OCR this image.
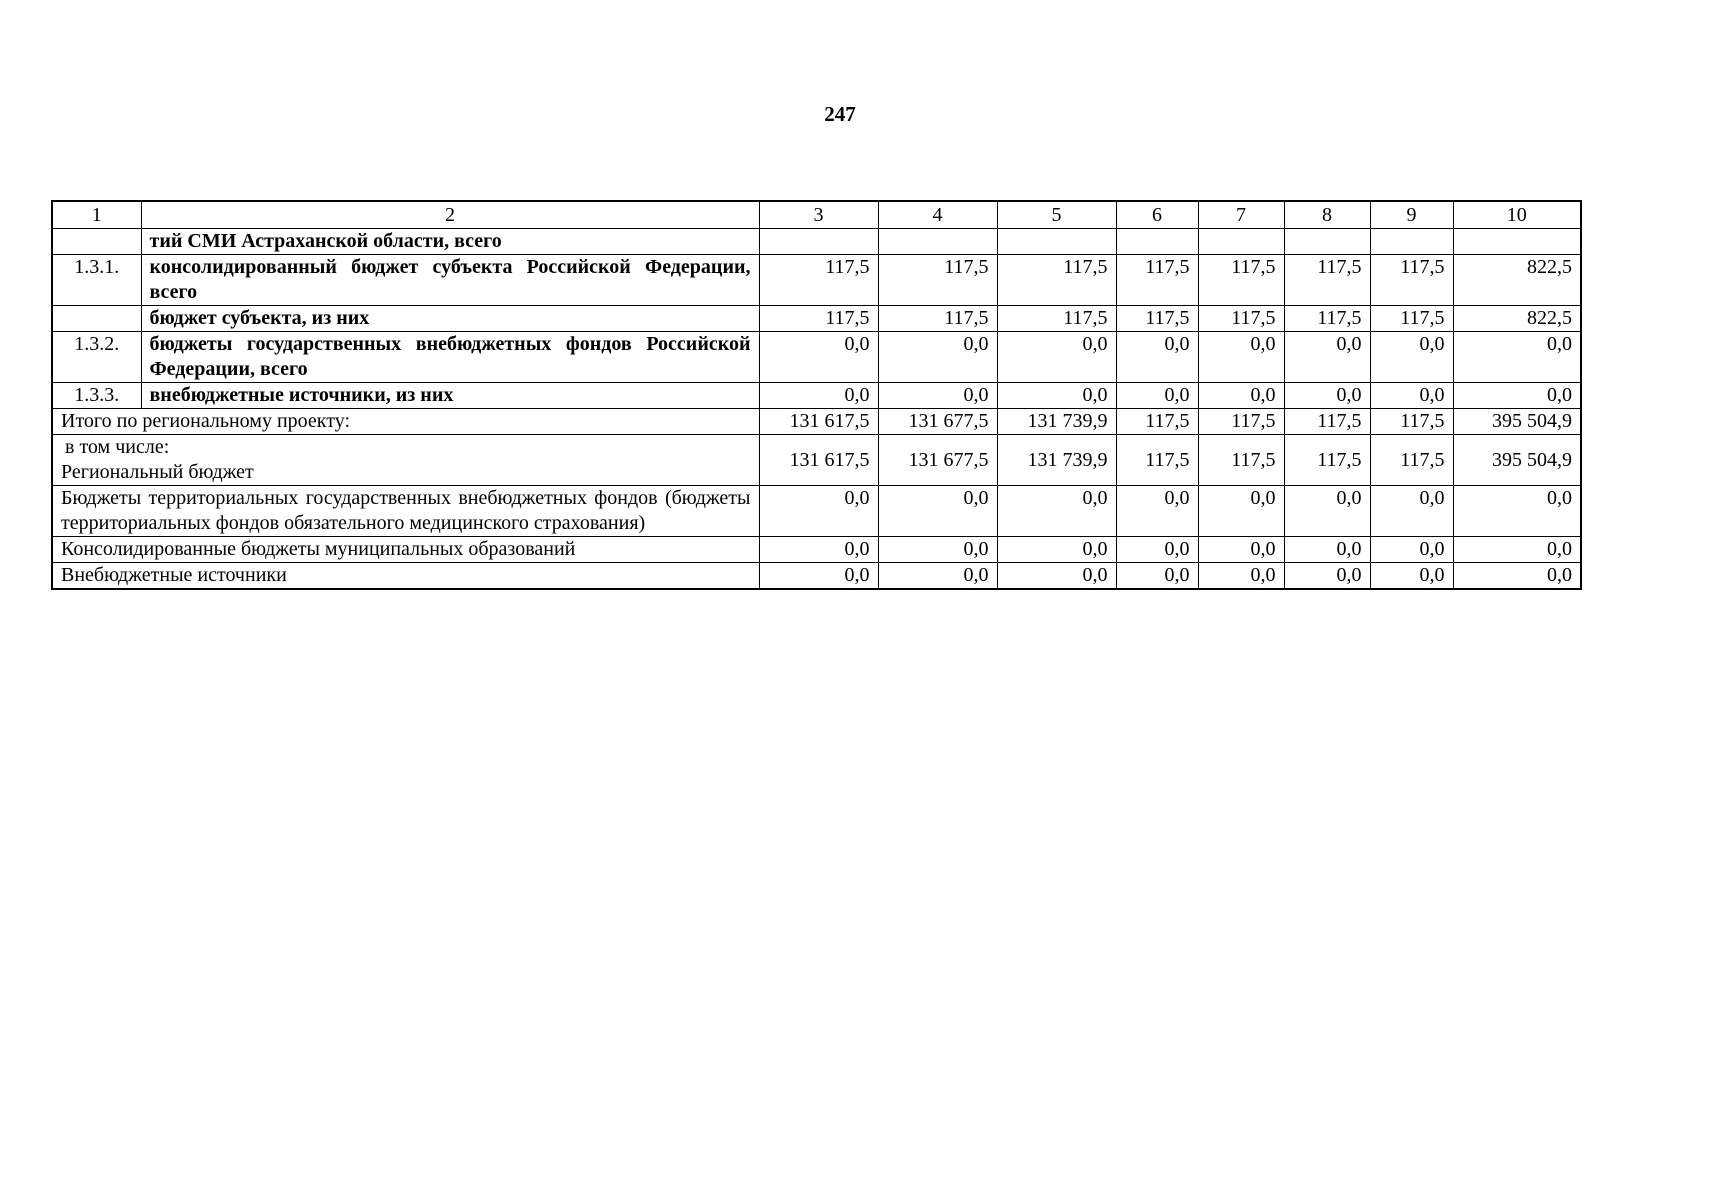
247
1	2	3	4	5	6	7	8	9	10
	тий СМИ Астраханской области, всего								
1.3.1.	консолидированный бюджет субъекта Российской Федерации, всего	117,5	117,5	117,5	117,5	117,5	117,5	117,5	822,5
	бюджет субъекта, из них	117,5	117,5	117,5	117,5	117,5	117,5	117,5	822,5
1.3.2.	бюджеты государственных внебюджетных фондов Российской Федерации, всего	0,0	0,0	0,0	0,0	0,0	0,0	0,0	0,0
1.3.3.	внебюджетные источники, из них	0,0	0,0	0,0	0,0	0,0	0,0	0,0	0,0
Итого по региональному проекту:		131 617,5	131 677,5	131 739,9	117,5	117,5	117,5	117,5	395 504,9

в том числе:
Региональный бюджет		131 617,5	131 677,5	131 739,9	117,5	117,5	117,5	117,5	395 504,9
Бюджеты территориальных государственных внебюджетных фондов (бюджеты территориальных фондов обязательного медицинского страхования)		0,0	0,0	0,0	0,0	0,0	0,0	0,0	0,0
Консолидированные бюджеты муниципальных образований		0,0	0,0	0,0	0,0	0,0	0,0	0,0	0,0
Внебюджетные источники		0,0	0,0	0,0	0,0	0,0	0,0	0,0	0,0
